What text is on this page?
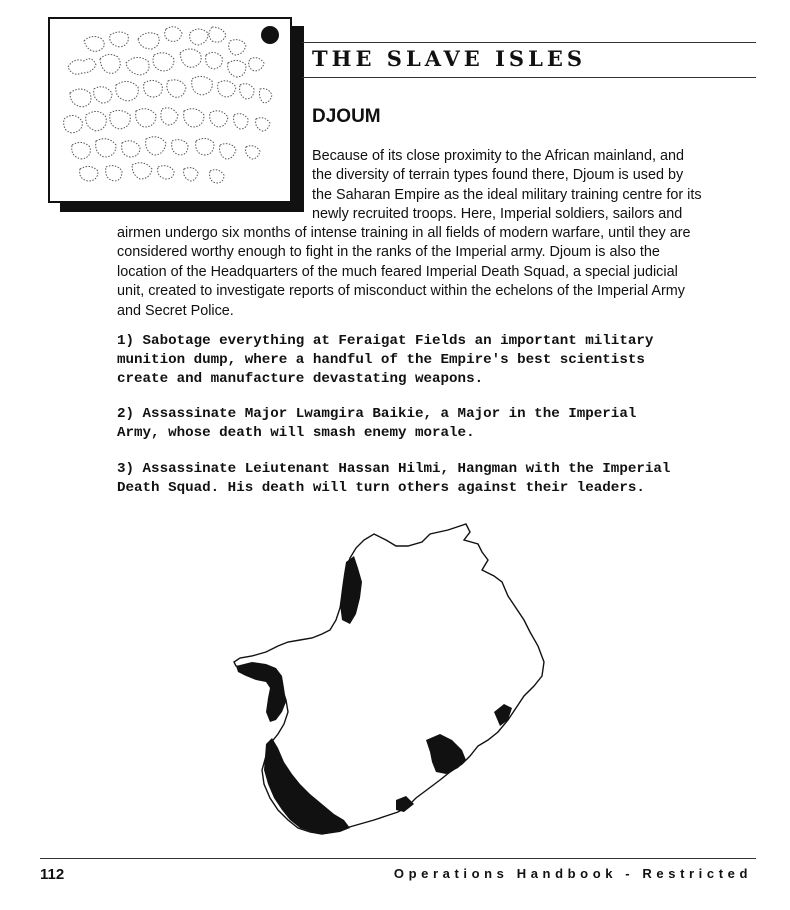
THE SLAVE ISLES
DJOUM
Because of its close proximity to the African mainland, and
the diversity of terrain types found there, Djoum is used by
the Saharan Empire as the ideal military training centre for its
newly recruited troops. Here, Imperial soldiers, sailors and
airmen undergo six months of intense training in all fields of modern warfare, until they are
considered worthy enough to fight in the ranks of the Imperial army. Djoum is also the
location of the Headquarters of the much feared Imperial Death Squad, a special judicial
unit, created to investigate reports of misconduct within the echelons of the Imperial Army
and Secret Police.
1) Sabotage everything at Feraigat Fields an important military
munition dump, where a handful of the Empire's best scientists
create and manufacture devastating weapons.
2) Assassinate Major Lwamgira Baikie, a Major in the Imperial
Army, whose death will smash enemy morale.
3) Assassinate Leiutenant Hassan Hilmi, Hangman with the Imperial
Death Squad. His death will turn others against their leaders.
112	Operations Handbook - Restricted
